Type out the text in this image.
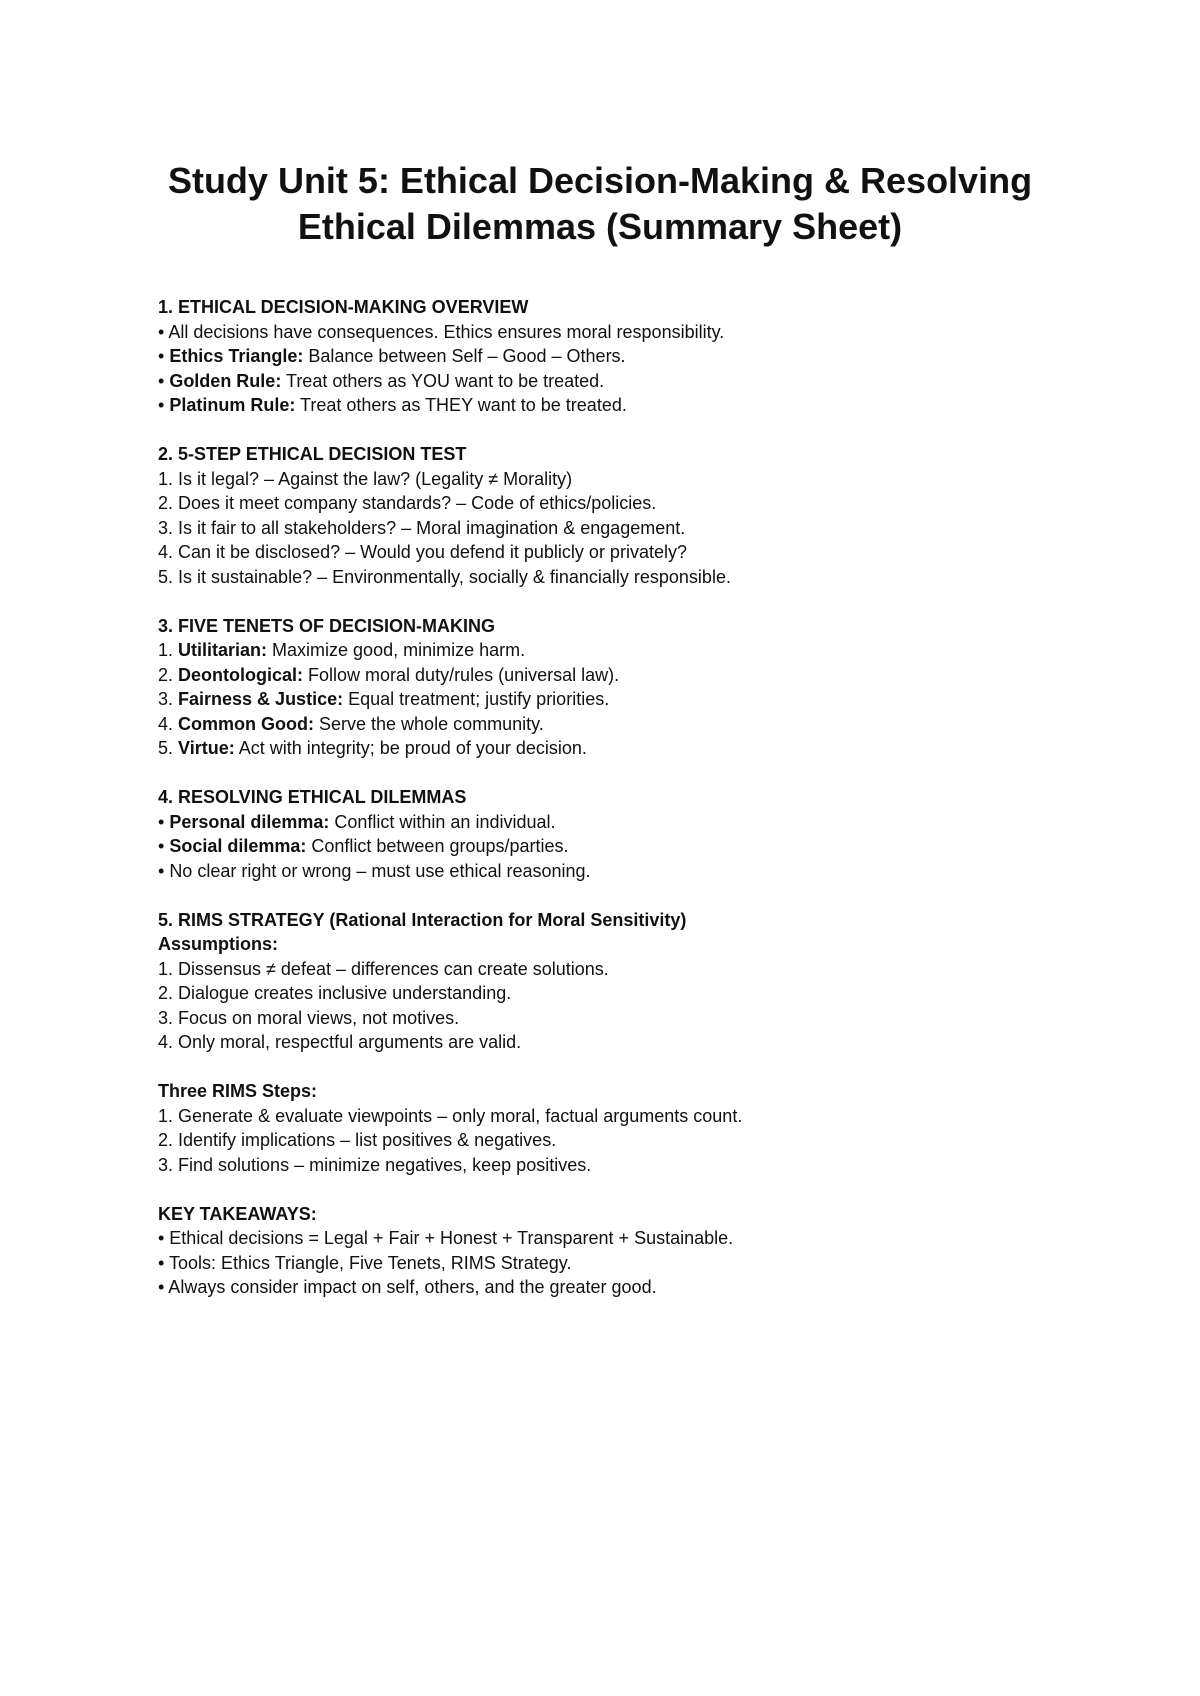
Study Unit 5: Ethical Decision-Making & Resolving
Ethical Dilemmas (Summary Sheet)
1. ETHICAL DECISION-MAKING OVERVIEW
• All decisions have consequences. Ethics ensures moral responsibility.
• Ethics Triangle: Balance between Self – Good – Others.
• Golden Rule: Treat others as YOU want to be treated.
• Platinum Rule: Treat others as THEY want to be treated.
2. 5-STEP ETHICAL DECISION TEST
1. Is it legal? – Against the law? (Legality ≠ Morality)
2. Does it meet company standards? – Code of ethics/policies.
3. Is it fair to all stakeholders? – Moral imagination & engagement.
4. Can it be disclosed? – Would you defend it publicly or privately?
5. Is it sustainable? – Environmentally, socially & financially responsible.
3. FIVE TENETS OF DECISION-MAKING
1. Utilitarian: Maximize good, minimize harm.
2. Deontological: Follow moral duty/rules (universal law).
3. Fairness & Justice: Equal treatment; justify priorities.
4. Common Good: Serve the whole community.
5. Virtue: Act with integrity; be proud of your decision.
4. RESOLVING ETHICAL DILEMMAS
• Personal dilemma: Conflict within an individual.
• Social dilemma: Conflict between groups/parties.
• No clear right or wrong – must use ethical reasoning.
5. RIMS STRATEGY (Rational Interaction for Moral Sensitivity)
Assumptions:
1. Dissensus ≠ defeat – differences can create solutions.
2. Dialogue creates inclusive understanding.
3. Focus on moral views, not motives.
4. Only moral, respectful arguments are valid.
Three RIMS Steps:
1. Generate & evaluate viewpoints – only moral, factual arguments count.
2. Identify implications – list positives & negatives.
3. Find solutions – minimize negatives, keep positives.
KEY TAKEAWAYS:
• Ethical decisions = Legal + Fair + Honest + Transparent + Sustainable.
• Tools: Ethics Triangle, Five Tenets, RIMS Strategy.
• Always consider impact on self, others, and the greater good.
